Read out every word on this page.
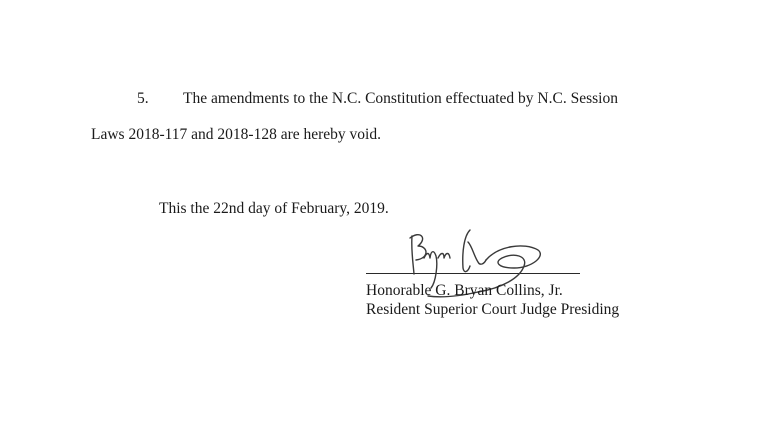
5. The amendments to the N.C. Constitution effectuated by N.C. Session
Laws 2018-117 and 2018-128 are hereby void.
This the 22nd day of February, 2019.
Honorable G. Bryan Collins, Jr.
Resident Superior Court Judge Presiding
